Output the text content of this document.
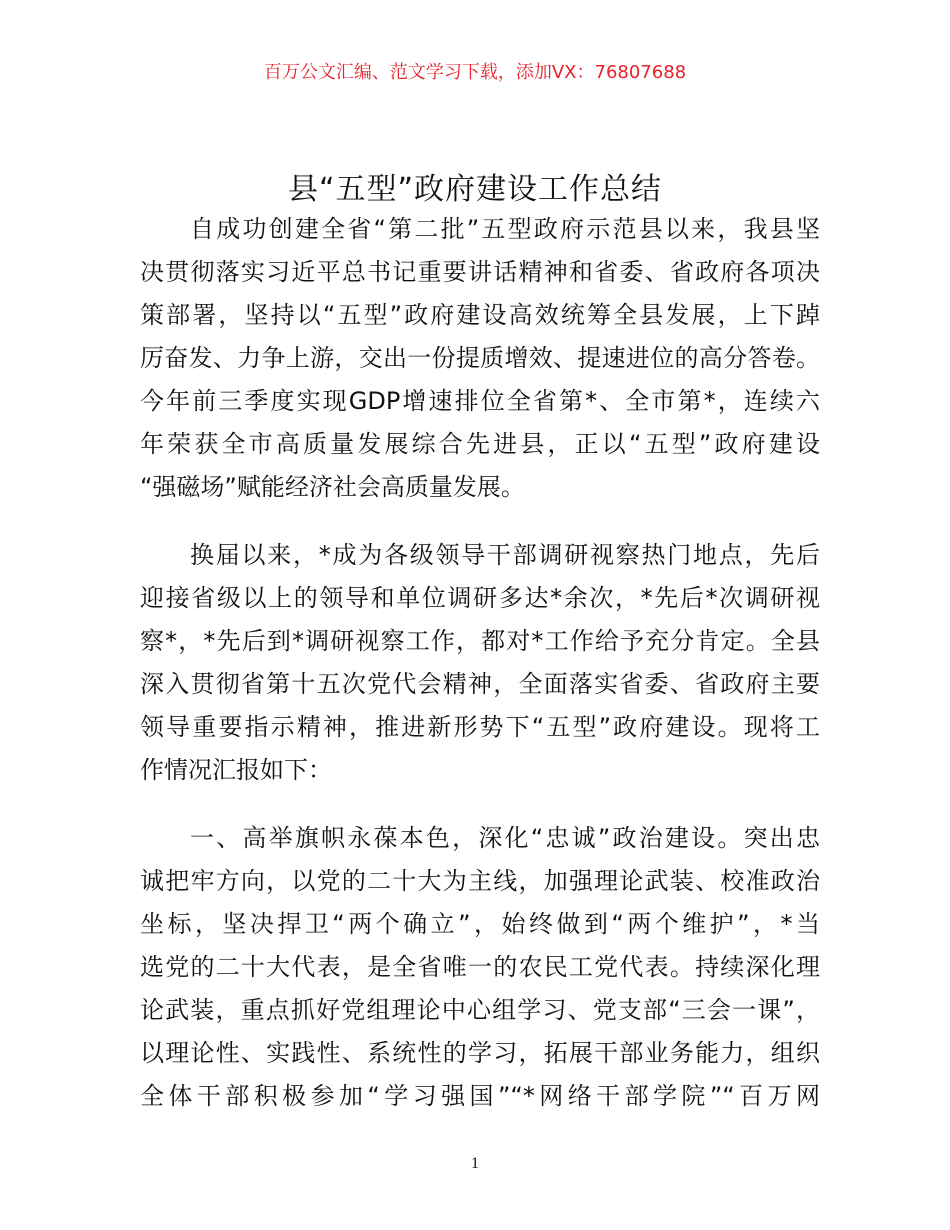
百万公文汇编、范文学习下载，添加VX：76807688
县“五型”政府建设工作总结
自成功创建全省“第二批”五型政府示范县以来，我县坚
决贯彻落实习近平总书记重要讲话精神和省委、省政府各项决
策部署，坚持以“五型”政府建设高效统筹全县发展，上下踔
厉奋发、力争上游，交出一份提质增效、提速进位的高分答卷。
今年前三季度实现GDP增速排位全省第*、全市第*，连续六
年荣获全市高质量发展综合先进县，正以“五型”政府建设
“强磁场”赋能经济社会高质量发展。
换届以来，*成为各级领导干部调研视察热门地点，先后
迎接省级以上的领导和单位调研多达*余次，*先后*次调研视
察*，*先后到*调研视察工作，都对*工作给予充分肯定。全县
深入贯彻省第十五次党代会精神，全面落实省委、省政府主要
领导重要指示精神，推进新形势下“五型”政府建设。现将工
作情况汇报如下：
一、高举旗帜永葆本色，深化“忠诚”政治建设。突出忠
诚把牢方向，以党的二十大为主线，加强理论武装、校准政治
坐标，坚决捍卫“两个确立”，始终做到“两个维护”，*当
选党的二十大代表，是全省唯一的农民工党代表。持续深化理
论武装，重点抓好党组理论中心组学习、党支部“三会一课”，
以理论性、实践性、系统性的学习，拓展干部业务能力，组织
全体干部积极参加“学习强国”“*网络干部学院”“百万网
1
